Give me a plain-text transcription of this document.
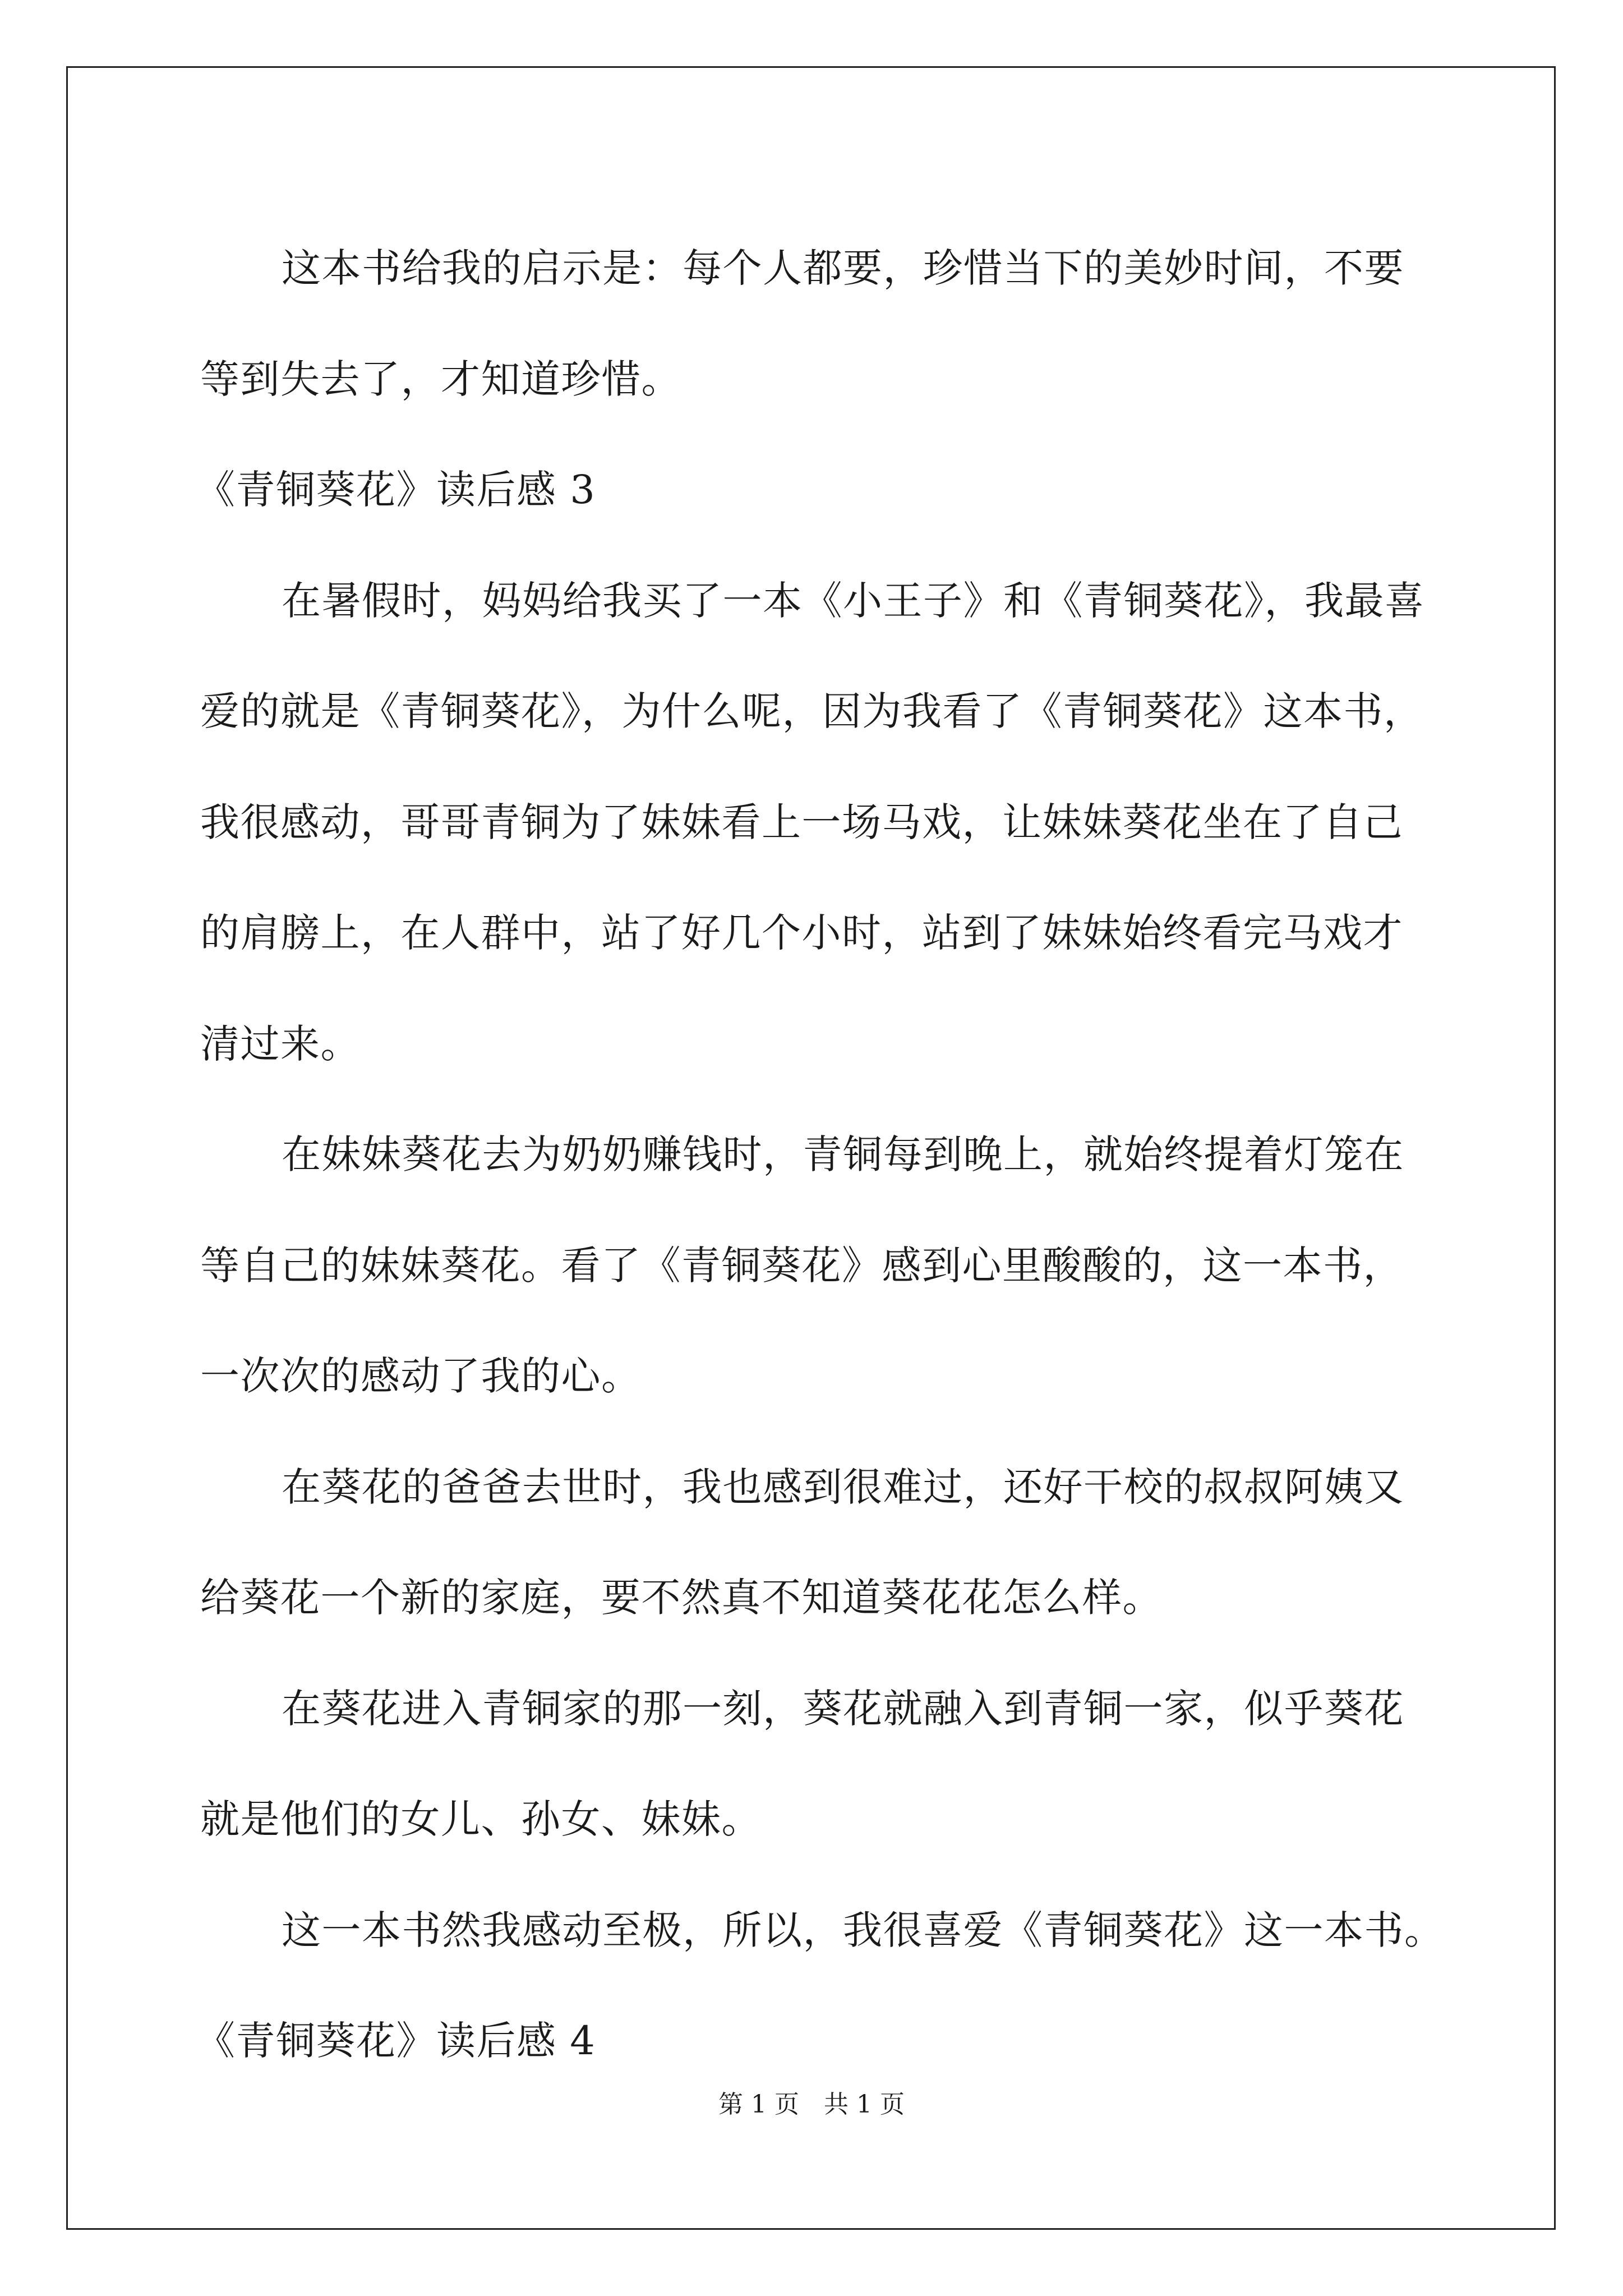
这本书给我的启示是：每个人都要，珍惜当下的美妙时间，不要
等到失去了，才知道珍惜。
《青铜葵花》读后感 3
在暑假时，妈妈给我买了一本《小王子》和《青铜葵花》，我最喜
爱的就是《青铜葵花》，为什么呢，因为我看了《青铜葵花》这本书，
我很感动，哥哥青铜为了妹妹看上一场马戏，让妹妹葵花坐在了自己
的肩膀上，在人群中，站了好几个小时，站到了妹妹始终看完马戏才
清过来。
在妹妹葵花去为奶奶赚钱时，青铜每到晚上，就始终提着灯笼在
等自己的妹妹葵花。看了《青铜葵花》感到心里酸酸的，这一本书，
一次次的感动了我的心。
在葵花的爸爸去世时，我也感到很难过，还好干校的叔叔阿姨又
给葵花一个新的家庭，要不然真不知道葵花花怎么样。
在葵花进入青铜家的那一刻，葵花就融入到青铜一家，似乎葵花
就是他们的女儿、孙女、妹妹。
这一本书然我感动至极，所以，我很喜爱《青铜葵花》这一本书。
《青铜葵花》读后感 4
第 1 页 共 1 页
